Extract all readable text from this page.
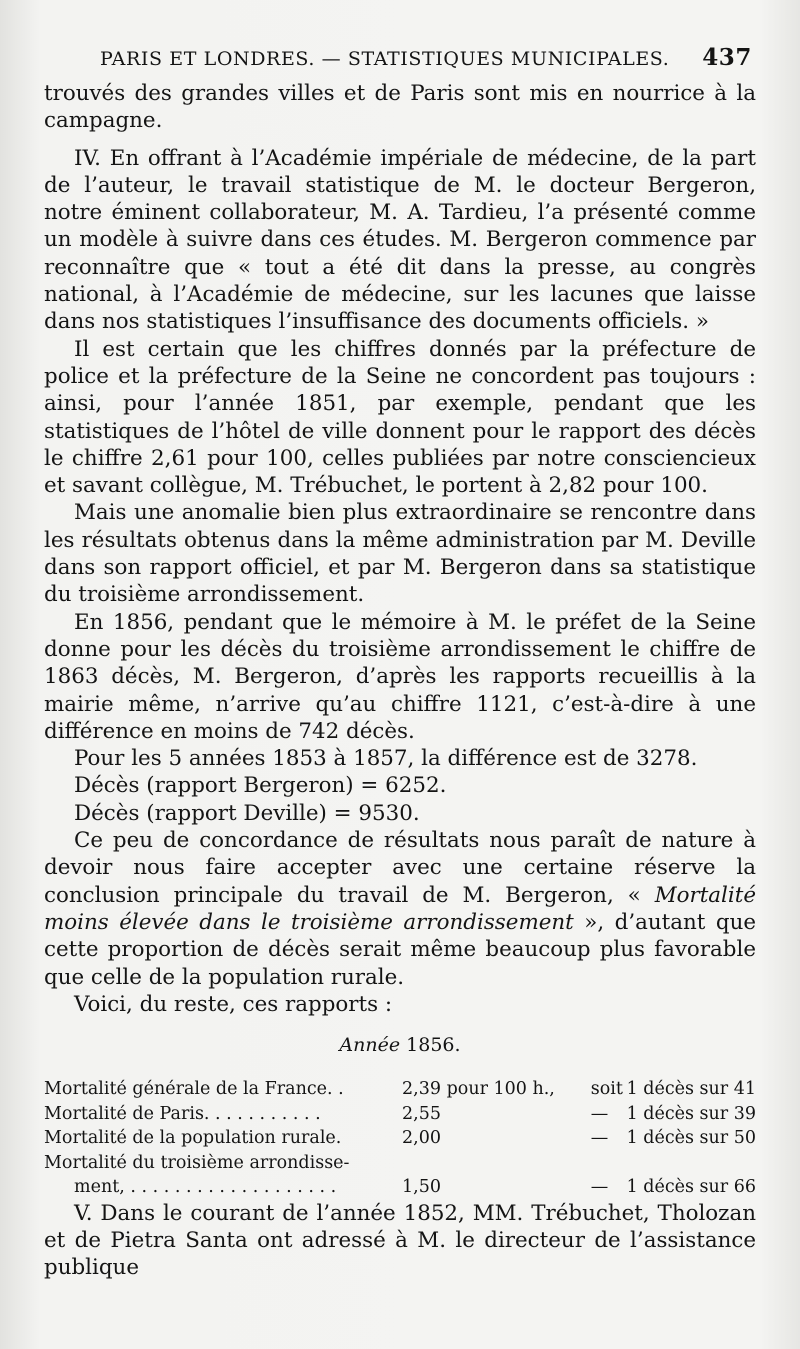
PARIS ET LONDRES. — STATISTIQUES MUNICIPALES. 437

trouvés des grandes villes et de Paris sont mis en nourrice à la campagne.

IV. En offrant à l’Académie impériale de médecine, de la part de l’auteur, le travail statistique de M. le docteur Bergeron, notre éminent collaborateur, M. A. Tardieu, l’a présenté comme un modèle à suivre dans ces études. M. Bergeron commence par reconnaître que « tout a été dit dans la presse, au congrès national, à l’Académie de médecine, sur les lacunes que laisse dans nos statistiques l’insuffisance des documents officiels. »

Il est certain que les chiffres donnés par la préfecture de police et la préfecture de la Seine ne concordent pas toujours : ainsi, pour l’année 1851, par exemple, pendant que les statistiques de l’hôtel de ville donnent pour le rapport des décès le chiffre 2,61 pour 100, celles publiées par notre consciencieux et savant collègue, M. Trébuchet, le portent à 2,82 pour 100.

Mais une anomalie bien plus extraordinaire se rencontre dans les résultats obtenus dans la même administration par M. Deville dans son rapport officiel, et par M. Bergeron dans sa statistique du troisième arrondissement.

En 1856, pendant que le mémoire à M. le préfet de la Seine donne pour les décès du troisième arrondissement le chiffre de 1863 décès, M. Bergeron, d’après les rapports recueillis à la mairie même, n’arrive qu’au chiffre 1121, c’est-à-dire à une différence en moins de 742 décès.

Pour les 5 années 1853 à 1857, la différence est de 3278.

Décès (rapport Bergeron) = 6252.

Décès (rapport Deville) = 9530.

Ce peu de concordance de résultats nous paraît de nature à devoir nous faire accepter avec une certaine réserve la conclusion principale du travail de M. Bergeron, « Mortalité moins élevée dans le troisième arrondissement », d’autant que cette proportion de décès serait même beaucoup plus favorable que celle de la population rurale.

Voici, du reste, ces rapports :

Année 1856.
Mortalité générale de la France. .	2,39 pour 100 h.,	soit	1 décès sur 41
Mortalité de Paris. . . . . . . . . . .	2,55	—	1 décès sur 39
Mortalité de la population rurale.	2,00	—	1 décès sur 50
Mortalité du troisième arrondisse-			
ment, . . . . . . . . . . . . . . . . . . .	1,50	—	1 décès sur 66

V. Dans le courant de l’année 1852, MM. Trébuchet, Tholozan et de Pietra Santa ont adressé à M. le directeur de l’assistance publique
